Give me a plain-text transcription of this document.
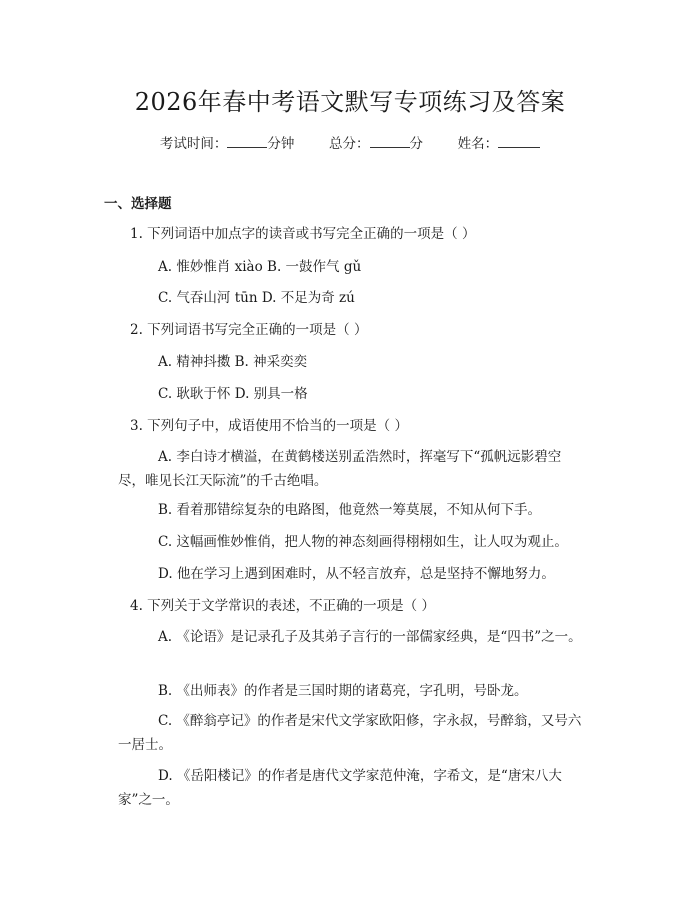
2026年春中考语文默写专项练习及答案
考试时间：	分钟	总分：	分	姓名：
一、选择题
1. 下列词语中加点字的读音或书写完全正确的一项是（ ）
A. 惟妙惟肖 xiào B. 一鼓作气 gǔ
C. 气吞山河 tūn D. 不足为奇 zú
2. 下列词语书写完全正确的一项是（ ）
A. 精神抖擞 B. 神采奕奕
C. 耿耿于怀 D. 别具一格
3. 下列句子中，成语使用不恰当的一项是（ ）
A. 李白诗才横溢，在黄鹤楼送别孟浩然时，挥毫写下“孤帆远影碧空尽，唯见长江天际流”的千古绝唱。
B. 看着那错综复杂的电路图，他竟然一筹莫展，不知从何下手。
C. 这幅画惟妙惟俏，把人物的神态刻画得栩栩如生，让人叹为观止。
D. 他在学习上遇到困难时，从不轻言放弃，总是坚持不懈地努力。
4. 下列关于文学常识的表述，不正确的一项是（ ）
A. 《论语》是记录孔子及其弟子言行的一部儒家经典，是“四书”之一。
B. 《出师表》的作者是三国时期的诸葛亮，字孔明，号卧龙。
C. 《醉翁亭记》的作者是宋代文学家欧阳修，字永叔，号醉翁，又号六一居士。
D. 《岳阳楼记》的作者是唐代文学家范仲淹，字希文，是“唐宋八大家”之一。
